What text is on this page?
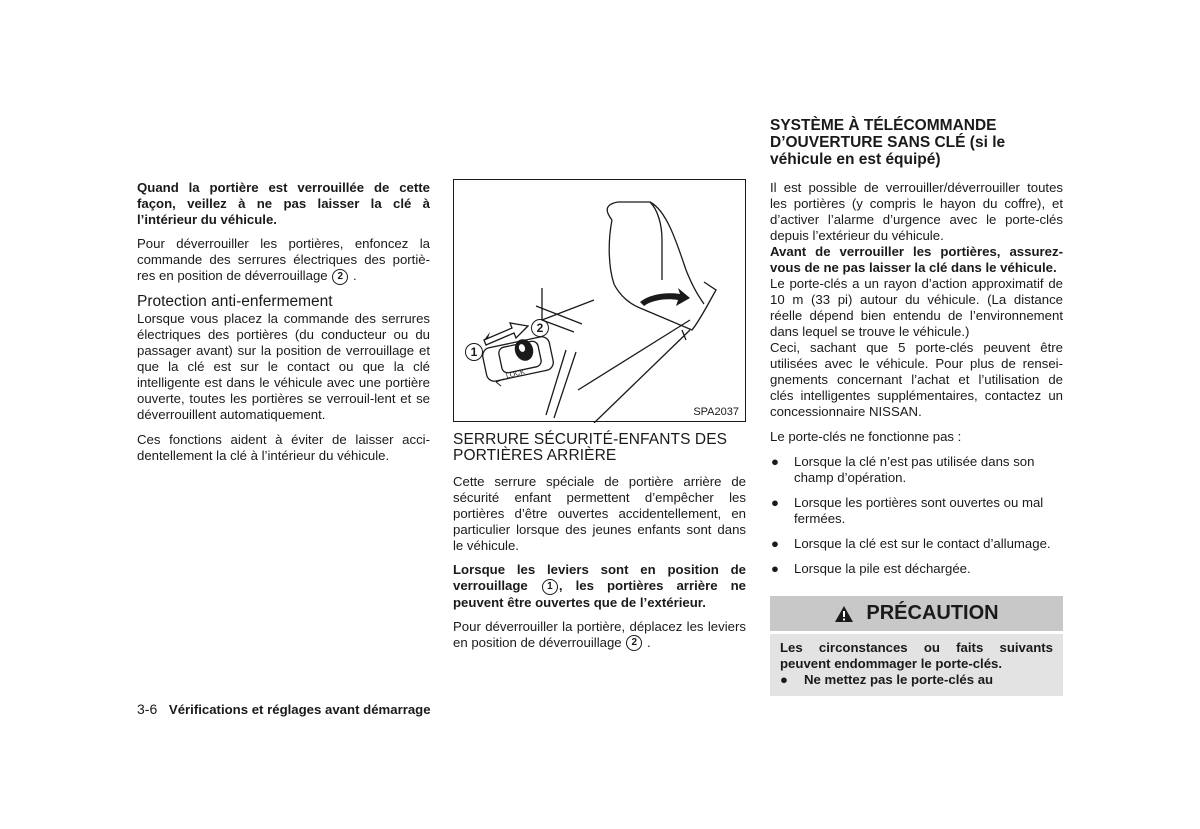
Quand la portière est verrouillée de cette façon, veillez à ne pas laisser la clé à l’intérieur du véhicule.

Pour déverrouiller les portières, enfoncez la commande des serrures électriques des portiè-res en position de déverrouillage 2 .

Protection anti-enfermement

Lorsque vous placez la commande des serrures électriques des portières (du conducteur ou du passager avant) sur la position de verrouillage et que la clé est sur le contact ou que la clé intelligente est dans le véhicule avec une portière ouverte, toutes les portières se verrouil-lent et se déverrouillent automatiquement.

Ces fonctions aident à éviter de laisser acci-dentellement la clé à l’intérieur du véhicule.

1
2
LOCK
SPA2037

SERRURE SÉCURITÉ-ENFANTS DES PORTIÈRES ARRIÈRE

Cette serrure spéciale de portière arrière de sécurité enfant permettent d’empêcher les portières d’être ouvertes accidentellement, en particulier lorsque des jeunes enfants sont dans le véhicule.

Lorsque les leviers sont en position de verrouillage 1 , les portières arrière ne peuvent être ouvertes que de l’extérieur.

Pour déverrouiller la portière, déplacez les leviers en position de déverrouillage 2 .

SYSTÈME À TÉLÉCOMMANDE D’OUVERTURE SANS CLÉ (si le véhicule en est équipé)

Il est possible de verrouiller/déverrouiller toutes les portières (y compris le hayon du coffre), et d’activer l’alarme d’urgence avec le porte-clés depuis l’extérieur du véhicule.

Avant de verrouiller les portières, assurez-vous de ne pas laisser la clé dans le véhicule.

Le porte-clés a un rayon d’action approximatif de 10 m (33 pi) autour du véhicule. (La distance réelle dépend bien entendu de l’environnement dans lequel se trouve le véhicule.)

Ceci, sachant que 5 porte-clés peuvent être utilisées avec le véhicule. Pour plus de rensei-gnements concernant l’achat et l’utilisation de clés intelligentes supplémentaires, contactez un concessionnaire NISSAN.

Le porte-clés ne fonctionne pas :

● Lorsque la clé n’est pas utilisée dans son champ d’opération.
● Lorsque les portières sont ouvertes ou mal fermées.
● Lorsque la clé est sur le contact d’allumage.
● Lorsque la pile est déchargée.
PRÉCAUTION

Les circonstances ou faits suivants peuvent endommager le porte-clés.

● Ne mettez pas le porte-clés au

3-6 Vérifications et réglages avant démarrage
